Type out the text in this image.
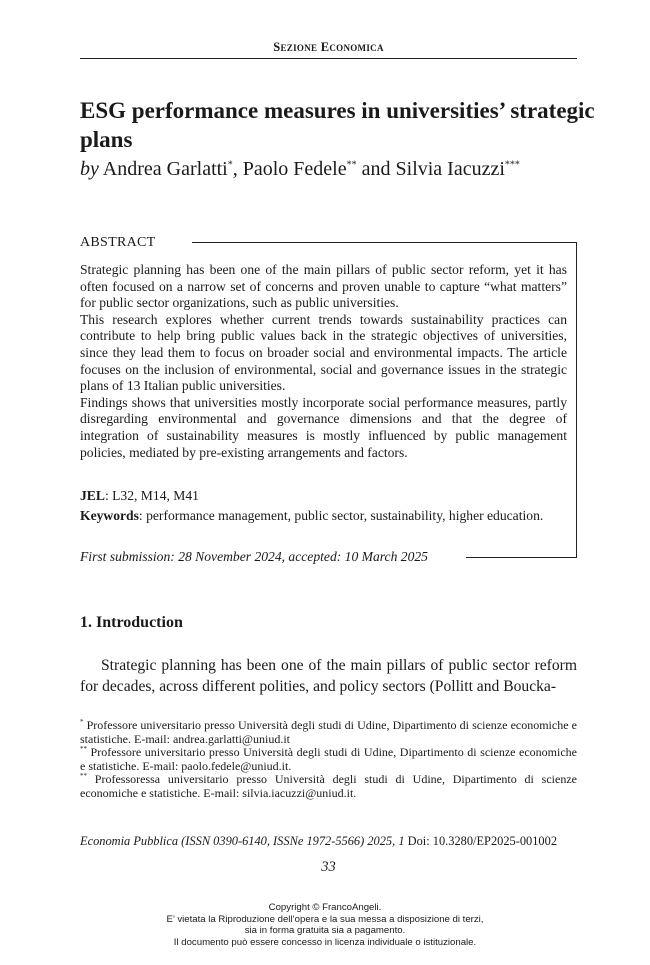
Sezione Economica
ESG performance measures in universities’ strategic plans
by Andrea Garlatti*, Paolo Fedele** and Silvia Iacuzzi***
ABSTRACT

Strategic planning has been one of the main pillars of public sector reform, yet it has often focused on a narrow set of concerns and proven unable to capture “what matters” for public sector organizations, such as public universities.

This research explores whether current trends towards sustainability practices can contribute to help bring public values back in the strategic objectives of universities, since they lead them to focus on broader social and environmental impacts. The article focuses on the inclusion of environmental, social and governance issues in the strategic plans of 13 Italian public universities.

Findings shows that universities mostly incorporate social performance measures, partly disregarding environmental and governance dimensions and that the degree of integration of sustainability measures is mostly influenced by public management policies, mediated by pre-existing arrangements and factors.

JEL: L32, M14, M41
Keywords: performance management, public sector, sustainability, higher education.
First submission: 28 November 2024, accepted: 10 March 2025
1. Introduction
Strategic planning has been one of the main pillars of public sector reform for decades, across different polities, and policy sectors (Pollitt and Boucka-

* Professore universitario presso Università degli studi di Udine, Dipartimento di scienze economiche e statistiche. E-mail: andrea.garlatti@uniud.it

** Professore universitario presso Università degli studi di Udine, Dipartimento di scienze economiche e statistiche. E-mail: paolo.fedele@uniud.it.

** Professoressa universitario presso Università degli studi di Udine, Dipartimento di scienze economiche e statistiche. E-mail: silvia.iacuzzi@uniud.it.

Economia Pubblica (ISSN 0390-6140, ISSNe 1972-5566) 2025, 1 Doi: 10.3280/EP2025-001002
33
Copyright © FrancoAngeli.
E’ vietata la Riproduzione dell’opera e la sua messa a disposizione di terzi,
sia in forma gratuita sia a pagamento.
Il documento può essere concesso in licenza individuale o istituzionale.
